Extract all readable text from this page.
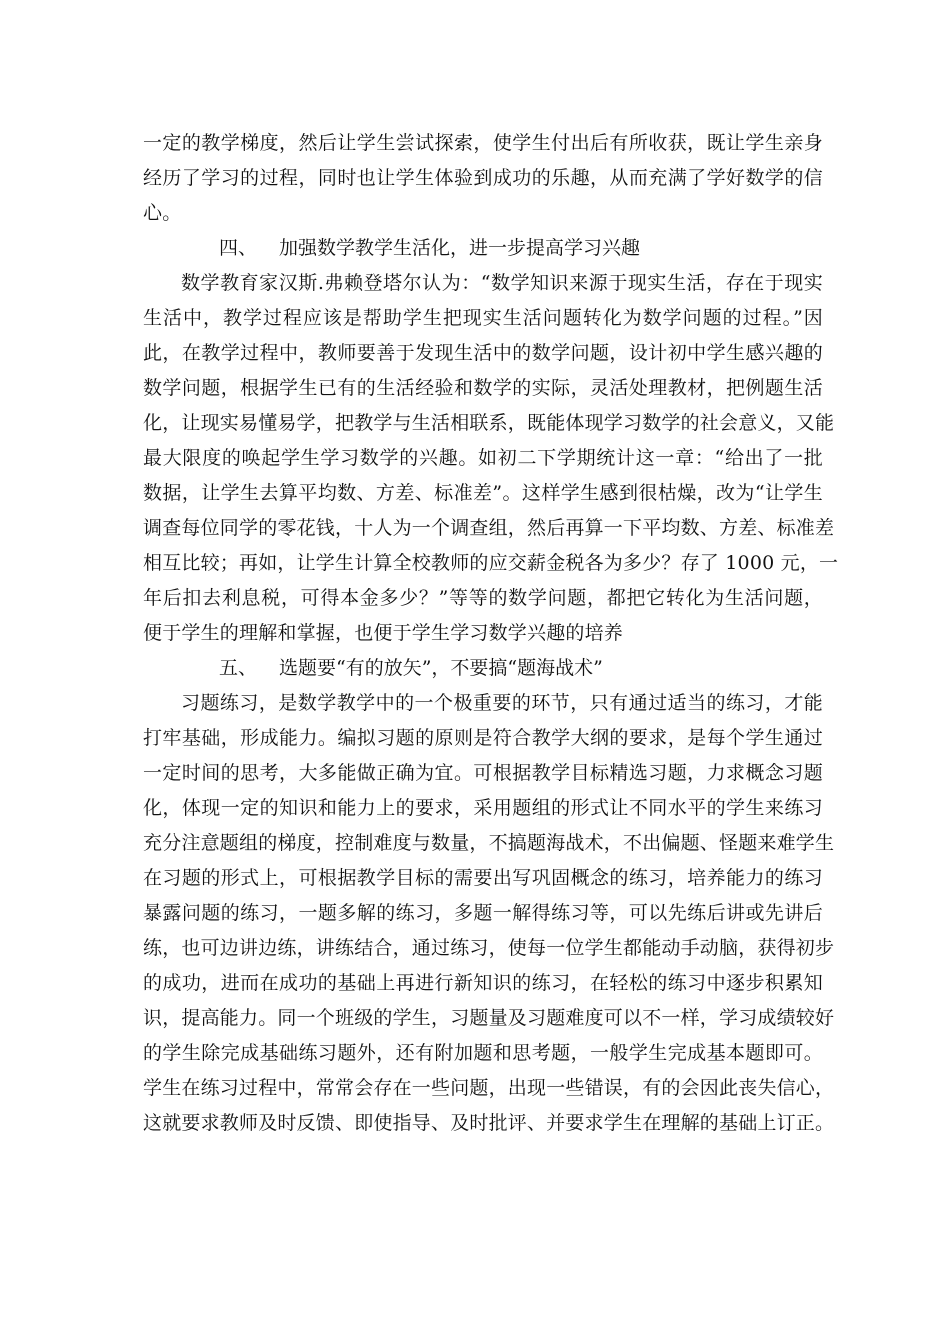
一定的教学梯度，然后让学生尝试探索，使学生付出后有所收获，既让学生亲身
经历了学习的过程，同时也让学生体验到成功的乐趣，从而充满了学好数学的信
心。
四、 加强数学教学生活化，进一步提高学习兴趣
数学教育家汉斯.弗赖登塔尔认为：“数学知识来源于现实生活，存在于现实
生活中，教学过程应该是帮助学生把现实生活问题转化为数学问题的过程。”因
此，在教学过程中，教师要善于发现生活中的数学问题，设计初中学生感兴趣的
数学问题，根据学生已有的生活经验和数学的实际，灵活处理教材，把例题生活
化，让现实易懂易学，把教学与生活相联系，既能体现学习数学的社会意义，又能
最大限度的唤起学生学习数学的兴趣。如初二下学期统计这一章：“给出了一批
数据，让学生去算平均数、方差、标准差”。这样学生感到很枯燥，改为“让学生
调查每位同学的零花钱，十人为一个调查组，然后再算一下平均数、方差、标准差
相互比较；再如，让学生计算全校教师的应交薪金税各为多少？存了 1000 元，一
年后扣去利息税，可得本金多少？”等等的数学问题，都把它转化为生活问题，
便于学生的理解和掌握，也便于学生学习数学兴趣的培养
五、 选题要“有的放矢”，不要搞“题海战术”
习题练习，是数学教学中的一个极重要的环节，只有通过适当的练习，才能
打牢基础，形成能力。编拟习题的原则是符合教学大纲的要求，是每个学生通过
一定时间的思考，大多能做正确为宜。可根据教学目标精选习题，力求概念习题
化，体现一定的知识和能力上的要求，采用题组的形式让不同水平的学生来练习
充分注意题组的梯度，控制难度与数量，不搞题海战术，不出偏题、怪题来难学生
在习题的形式上，可根据教学目标的需要出写巩固概念的练习，培养能力的练习
暴露问题的练习，一题多解的练习，多题一解得练习等，可以先练后讲或先讲后
练，也可边讲边练，讲练结合，通过练习，使每一位学生都能动手动脑，获得初步
的成功，进而在成功的基础上再进行新知识的练习，在轻松的练习中逐步积累知
识，提高能力。同一个班级的学生，习题量及习题难度可以不一样，学习成绩较好
的学生除完成基础练习题外，还有附加题和思考题，一般学生完成基本题即可。
学生在练习过程中，常常会存在一些问题，出现一些错误，有的会因此丧失信心，
这就要求教师及时反馈、即使指导、及时批评、并要求学生在理解的基础上订正。
